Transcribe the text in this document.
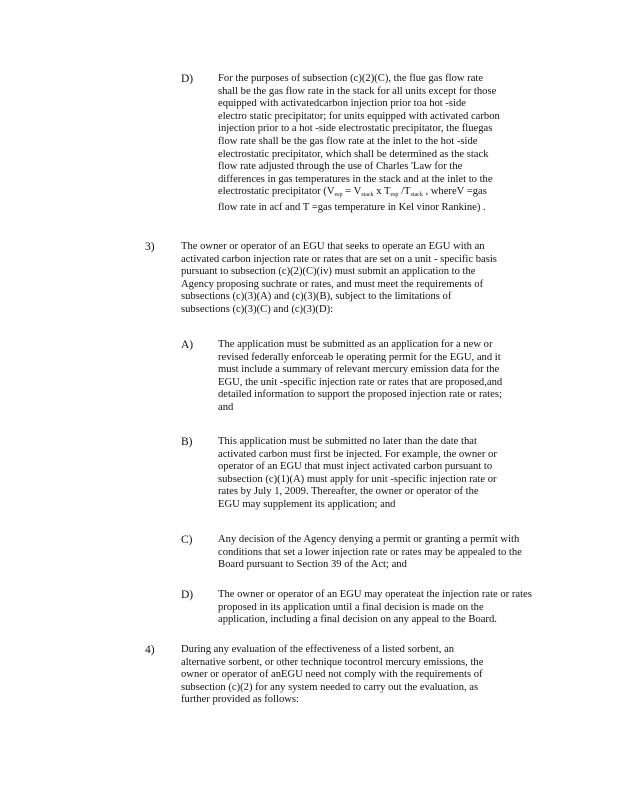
D) For the purposes of subsection (c)(2)(C), the flue gas flow rate
shall be the gas flow rate in the stack for all units except for those
equipped with activatedcarbon injection prior toa hot -side
electro static precipitator; for units equipped with activated carbon
injection prior to a hot -side electrostatic precipitator, the fluegas
flow rate shall be the gas flow rate at the inlet to the hot -side
electrostatic precipitator, which shall be determined as the stack
flow rate adjusted through the use of Charles 'Law for the
differences in gas temperatures in the stack and at the inlet to the
electrostatic precipitator ($V_{esp} = V_{stack}$ x $T_{esp}$ $/T_{stack}$ , whereV =gas
flow rate in acf and T =gas temperature in Kel vinor Rankine) .
3) The owner or operator of an EGU that seeks to operate an EGU with an
activated carbon injection rate or rates that are set on a unit - specific basis
pursuant to subsection (c)(2)(C)(iv) must submit an application to the
Agency proposing suchrate or rates, and must meet the requirements of
subsections (c)(3)(A) and (c)(3)(B), subject to the limitations of
subsections (c)(3)(C) and (c)(3)(D):
A) The application must be submitted as an application for a new or
revised federally enforceab le operating permit for the EGU, and it
must include a summary of relevant mercury emission data for the
EGU, the unit -specific injection rate or rates that are proposed,and
detailed information to support the proposed injection rate or rates;
and
B) This application must be submitted no later than the date that
activated carbon must first be injected. For example, the owner or
operator of an EGU that must inject activated carbon pursuant to
subsection (c)(1)(A) must apply for unit -specific injection rate or
rates by July 1, 2009. Thereafter, the owner or operator of the
EGU may supplement its application; and
C) Any decision of the Agency denying a permit or granting a permit with
conditions that set a lower injection rate or rates may be appealed to the
Board pursuant to Section 39 of the Act; and
D) The owner or operator of an EGU may operateat the injection rate or rates
proposed in its application until a final decision is made on the
application, including a final decision on any appeal to the Board.
4) During any evaluation of the effectiveness of a listed sorbent, an
alternative sorbent, or other technique tocontrol mercury emissions, the
owner or operator of anEGU need not comply with the requirements of
subsection (c)(2) for any system needed to carry out the evaluation, as
further provided as follows:
